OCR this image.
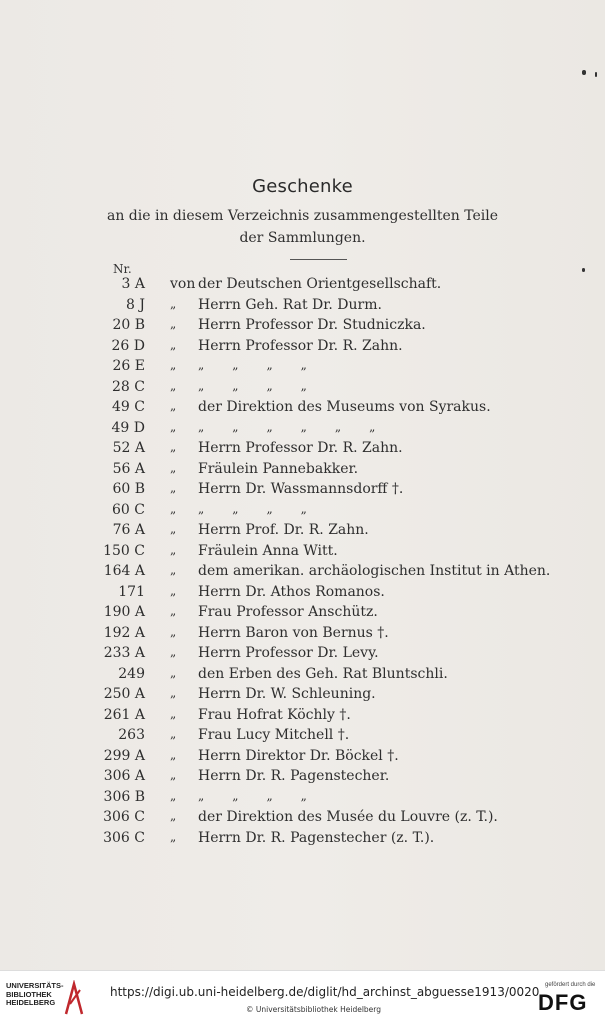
Geschenke
an die in diesem Verzeichnis zusammengestellten Teile
der Sammlungen.
Nr.
3 A von der Deutschen Orientgesellschaft.
8 J „ Herrn Geh. Rat Dr. Durm.
20 B „ Herrn Professor Dr. Studniczka.
26 D „ Herrn Professor Dr. R. Zahn.
26 E „ „ „ „ „
28 C „ „ „ „ „
49 C „ der Direktion des Museums von Syrakus.
49 D „ „ „ „ „ „ „
52 A „ Herrn Professor Dr. R. Zahn.
56 A „ Fräulein Pannebakker.
60 B „ Herrn Dr. Wassmannsdorff †.
60 C „ „ „ „ „
76 A „ Herrn Prof. Dr. R. Zahn.
150 C „ Fräulein Anna Witt.
164 A „ dem amerikan. archäologischen Institut in Athen.
171 „ Herrn Dr. Athos Romanos.
190 A „ Frau Professor Anschütz.
192 A „ Herrn Baron von Bernus †.
233 A „ Herrn Professor Dr. Levy.
249 „ den Erben des Geh. Rat Bluntschli.
250 A „ Herrn Dr. W. Schleuning.
261 A „ Frau Hofrat Köchly †.
263 „ Frau Lucy Mitchell †.
299 A „ Herrn Direktor Dr. Böckel †.
306 A „ Herrn Dr. R. Pagenstecher.
306 B „ „ „ „ „
306 C „ der Direktion des Musée du Louvre (z. T.).
306 C „ Herrn Dr. R. Pagenstecher (z. T.).
UNIVERSITÄTS-
BIBLIOTHEK
HEIDELBERG
https://digi.ub.uni-heidelberg.de/diglit/hd_archinst_abguesse1913/0020
© Universitätsbibliothek Heidelberg
gefördert durch die
DFG
